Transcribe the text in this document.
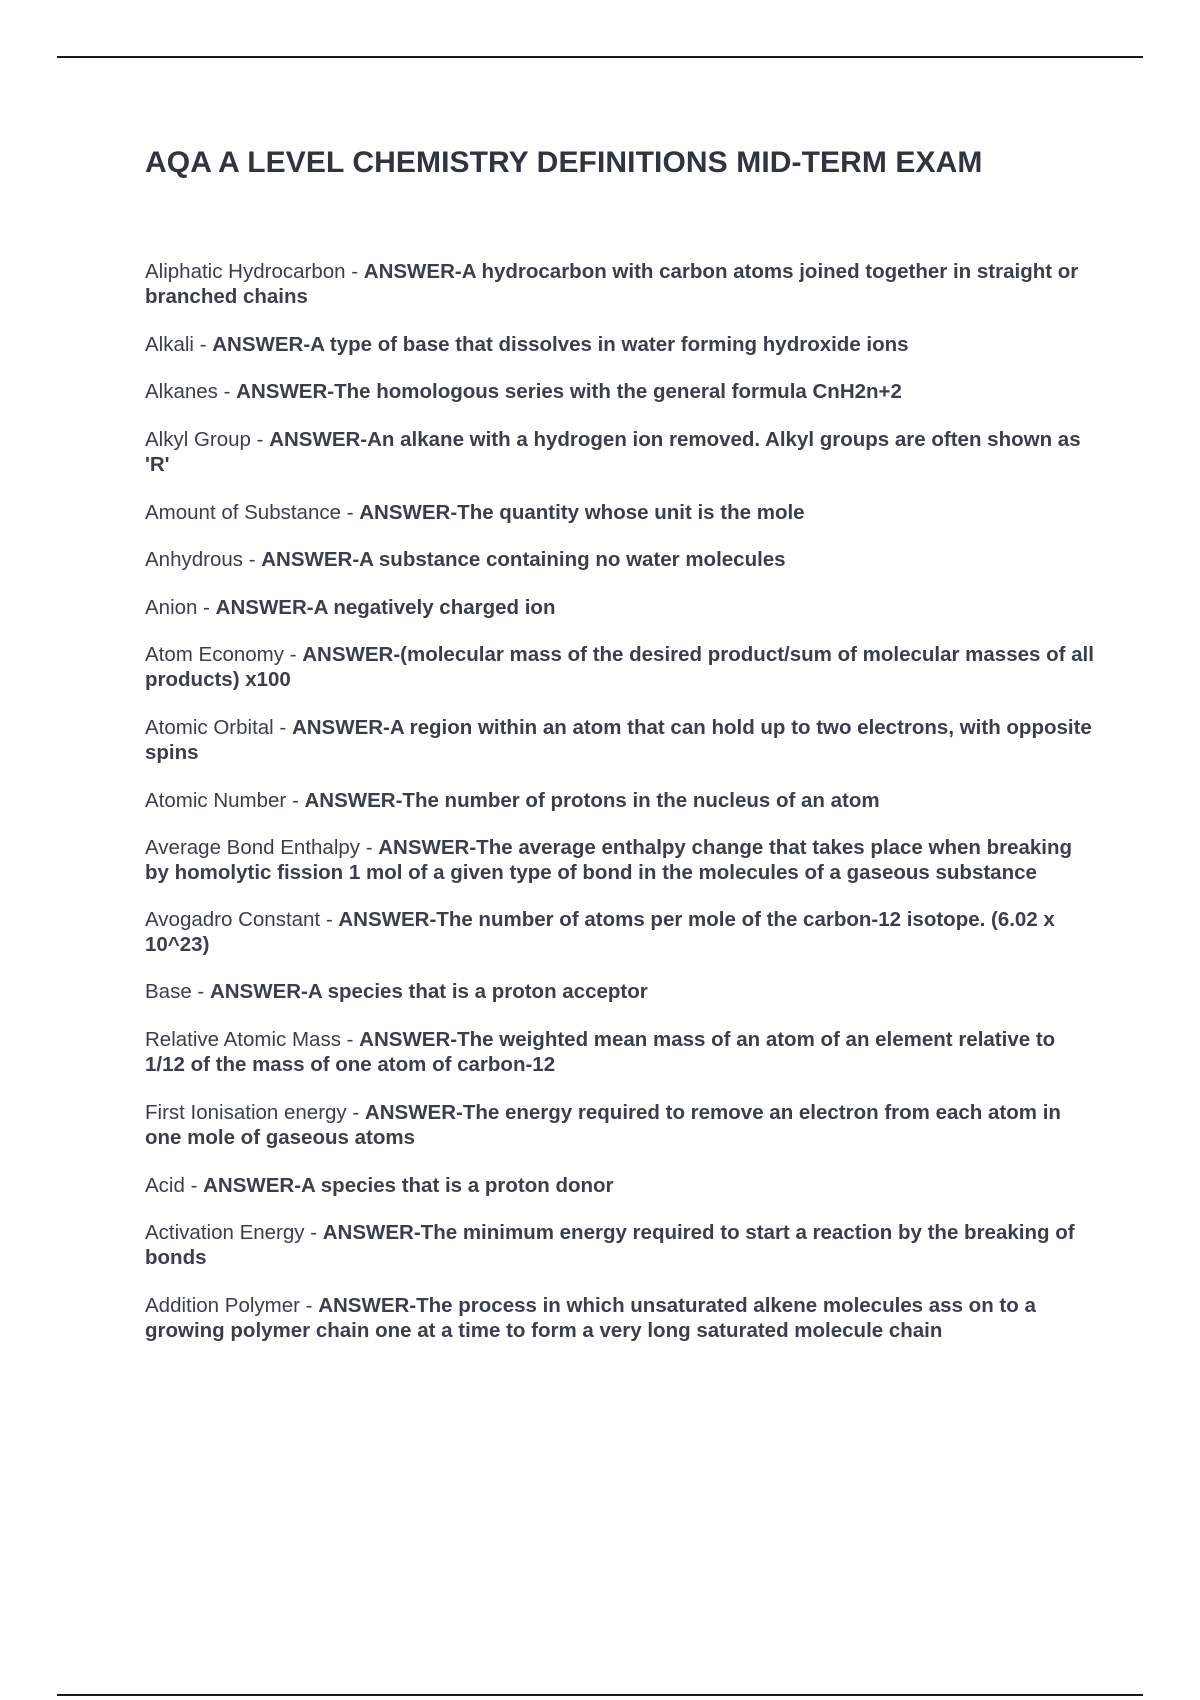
AQA A LEVEL CHEMISTRY DEFINITIONS MID-TERM EXAM
Aliphatic Hydrocarbon - ANSWER-A hydrocarbon with carbon atoms joined together in straight or branched chains
Alkali - ANSWER-A type of base that dissolves in water forming hydroxide ions
Alkanes - ANSWER-The homologous series with the general formula CnH2n+2
Alkyl Group - ANSWER-An alkane with a hydrogen ion removed. Alkyl groups are often shown as 'R'
Amount of Substance - ANSWER-The quantity whose unit is the mole
Anhydrous - ANSWER-A substance containing no water molecules
Anion - ANSWER-A negatively charged ion
Atom Economy - ANSWER-(molecular mass of the desired product/sum of molecular masses of all products) x100
Atomic Orbital - ANSWER-A region within an atom that can hold up to two electrons, with opposite spins
Atomic Number - ANSWER-The number of protons in the nucleus of an atom
Average Bond Enthalpy - ANSWER-The average enthalpy change that takes place when breaking by homolytic fission 1 mol of a given type of bond in the molecules of a gaseous substance
Avogadro Constant - ANSWER-The number of atoms per mole of the carbon-12 isotope. (6.02 x 10^23)
Base - ANSWER-A species that is a proton acceptor
Relative Atomic Mass - ANSWER-The weighted mean mass of an atom of an element relative to 1/12 of the mass of one atom of carbon-12
First Ionisation energy - ANSWER-The energy required to remove an electron from each atom in one mole of gaseous atoms
Acid - ANSWER-A species that is a proton donor
Activation Energy - ANSWER-The minimum energy required to start a reaction by the breaking of bonds
Addition Polymer - ANSWER-The process in which unsaturated alkene molecules ass on to a growing polymer chain one at a time to form a very long saturated molecule chain
